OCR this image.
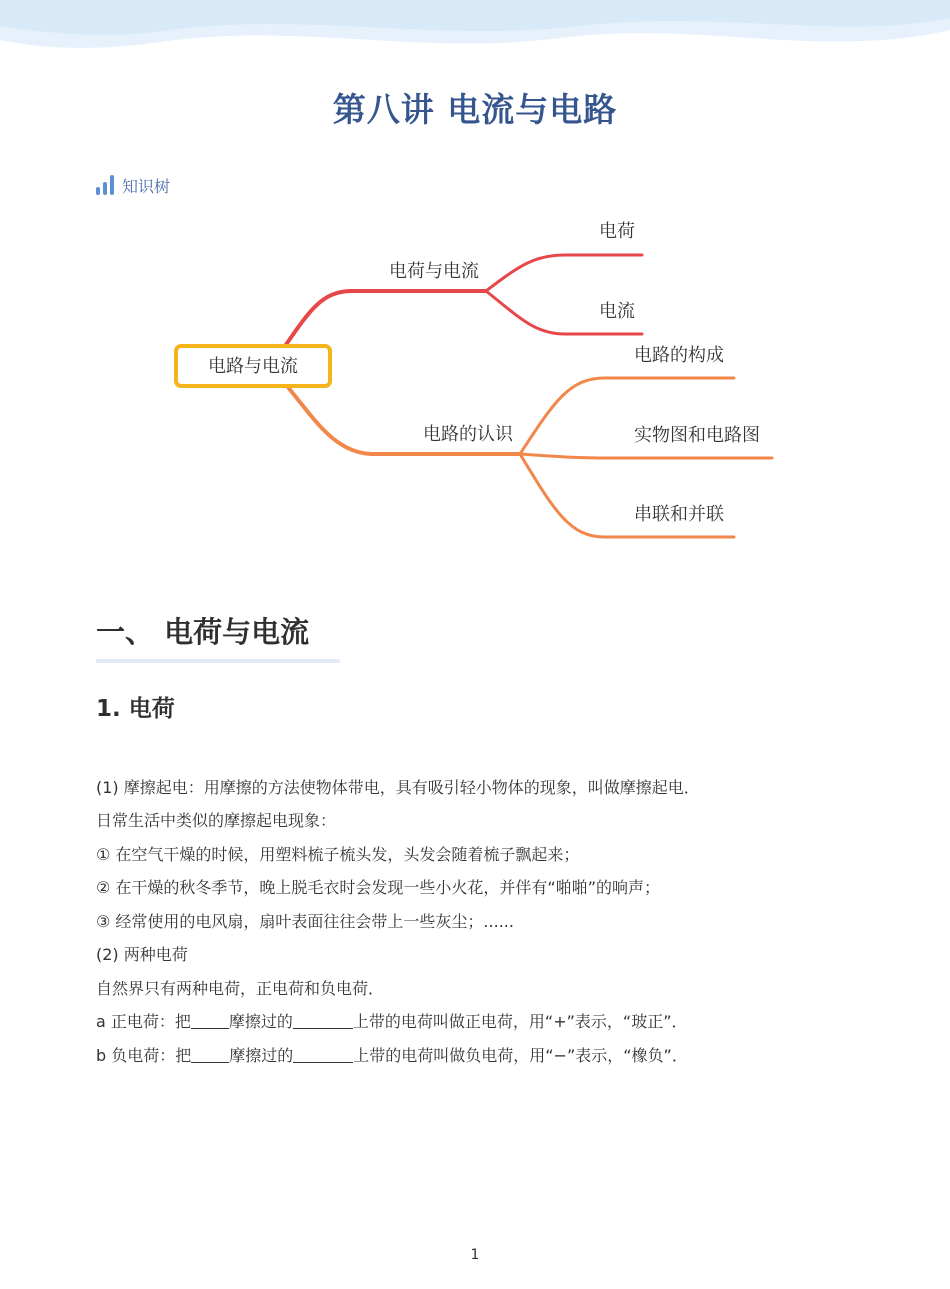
第八讲 电流与电路
知识树
电路与电流
电荷与电流
电路的认识
电荷
电流
电路的构成
实物图和电路图
串联和并联
一、 电荷与电流
1. 电荷
(1) 摩擦起电：用摩擦的方法使物体带电，具有吸引轻小物体的现象，叫做摩擦起电．
日常生活中类似的摩擦起电现象：
① 在空气干燥的时候，用塑料梳子梳头发，头发会随着梳子飘起来；
② 在干燥的秋冬季节，晚上脱毛衣时会发现一些小火花，并伴有“啪啪”的响声；
③ 经常使用的电风扇，扇叶表面往往会带上一些灰尘；......
(2) 两种电荷
自然界只有两种电荷，正电荷和负电荷．
a 正电荷：把 摩擦过的	上带的电荷叫做正电荷，用“+”表示，“玻正”．
b 负电荷：把 摩擦过的	上带的电荷叫做负电荷，用“−”表示，“橡负”．
1
